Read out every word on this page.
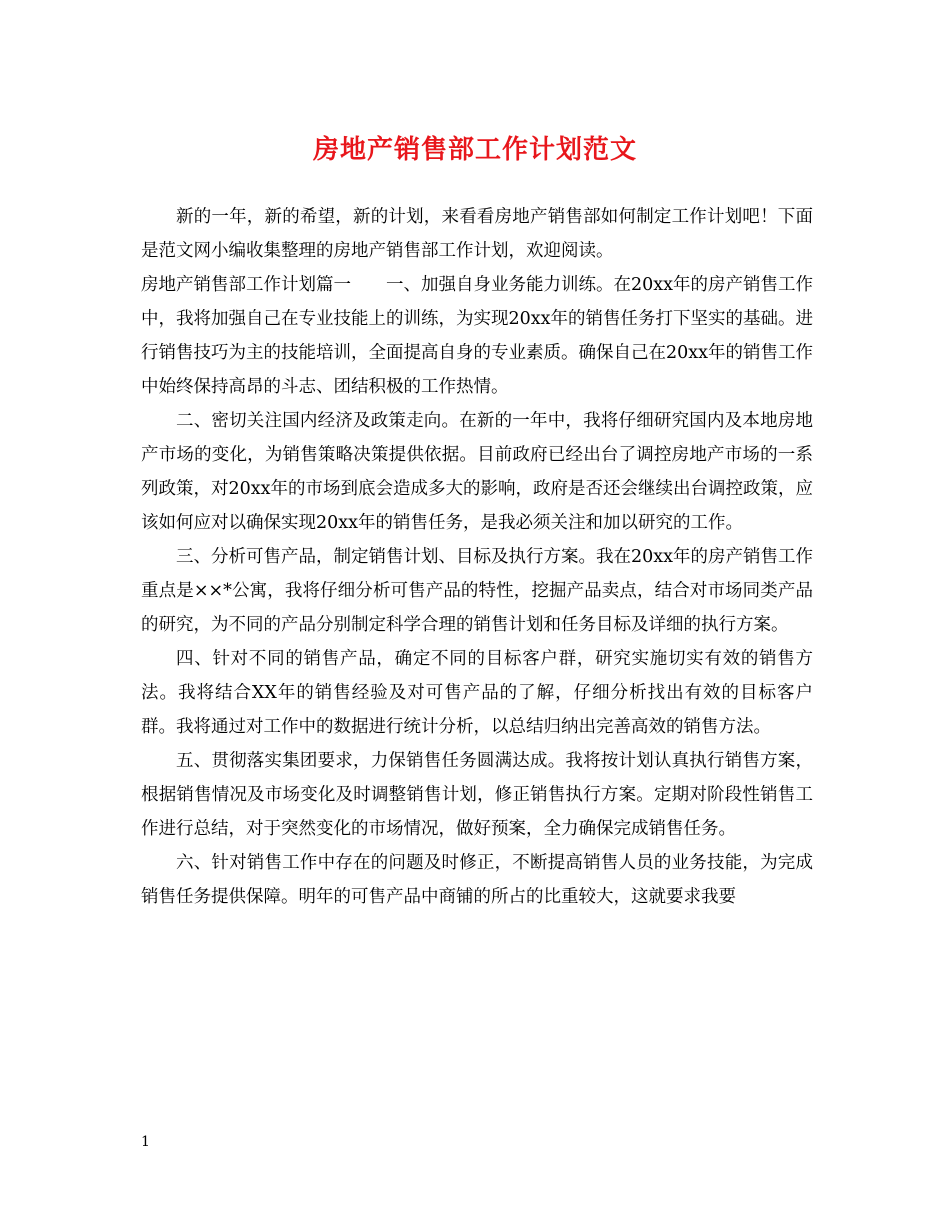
房地产销售部工作计划范文

新的一年，新的希望，新的计划，来看看房地产销售部如何制定工作计划吧！下面是范文网小编收集整理的房地产销售部工作计划，欢迎阅读。

房地产销售部工作计划篇一　　一、加强自身业务能力训练。在20xx年的房产销售工作中，我将加强自己在专业技能上的训练，为实现20xx年的销售任务打下坚实的基础。进行销售技巧为主的技能培训，全面提高自身的专业素质。确保自己在20xx年的销售工作中始终保持高昂的斗志、团结积极的工作热情。

二、密切关注国内经济及政策走向。在新的一年中，我将仔细研究国内及本地房地产市场的变化，为销售策略决策提供依据。目前政府已经出台了调控房地产市场的一系列政策，对20xx年的市场到底会造成多大的影响，政府是否还会继续出台调控政策，应该如何应对以确保实现20xx年的销售任务，是我必须关注和加以研究的工作。

三、分析可售产品，制定销售计划、目标及执行方案。我在20xx年的房产销售工作重点是××*公寓，我将仔细分析可售产品的特性，挖掘产品卖点，结合对市场同类产品的研究，为不同的产品分别制定科学合理的销售计划和任务目标及详细的执行方案。

四、针对不同的销售产品，确定不同的目标客户群，研究实施切实有效的销售方法。我将结合XX年的销售经验及对可售产品的了解，仔细分析找出有效的目标客户群。我将通过对工作中的数据进行统计分析，以总结归纳出完善高效的销售方法。

五、贯彻落实集团要求，力保销售任务圆满达成。我将按计划认真执行销售方案，根据销售情况及市场变化及时调整销售计划，修正销售执行方案。定期对阶段性销售工作进行总结，对于突然变化的市场情况，做好预案，全力确保完成销售任务。

六、针对销售工作中存在的问题及时修正，不断提高销售人员的业务技能，为完成销售任务提供保障。明年的可售产品中商铺的所占的比重较大，这就要求我要

1
